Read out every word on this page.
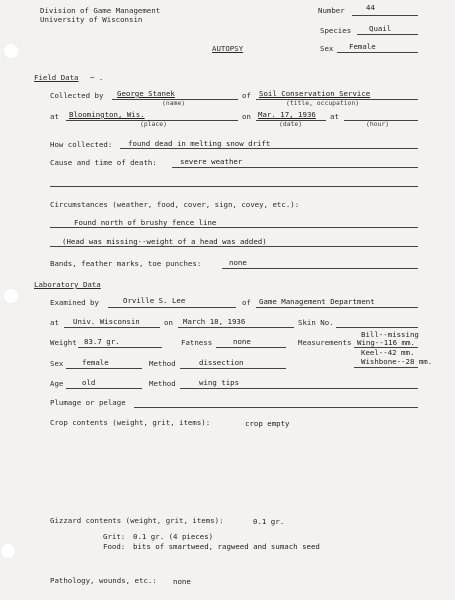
Division of Game Management
University of Wisconsin
Number	44
Species Quail
AUTOPSY	Sex Female
Field Data ~ .
Collected by George Stanek
(name)
of Soil Conservation Service
(title, occupation)
at Bloomington, Wis.
(place)
on Mar. 17, 1936
(date)
at
(hour)
How collected: found dead in melting snow drift
Cause and time of death:	severe weather
Circumstances (weather, food, cover, sign, covey, etc.):
Found north of brushy fence line
(Head was missing--weight of a head was added)
Bands, feather marks, toe punches:	none
Laboratory Data
Examined by	Orville S. Lee	of Game Management Department
at Univ. Wisconsin	on March 18, 1936	Skin No.
Weight 83.7 gr.	Fatness	none	Measurements
Bill--missing
Wing--116 mm.
Keel--42 mm.
Wishbone--28 mm.
Sex	female	Method	dissection
Age	old	Method	wing tips
Plumage or pelage
Crop contents (weight, grit, items):	crop empty
Gizzard contents (weight, grit, items):	0.1 gr.
Grit: 0.1 gr. (4 pieces)
Food: bits of smartweed, ragweed and sumach seed
Pathology, wounds, etc.: none
